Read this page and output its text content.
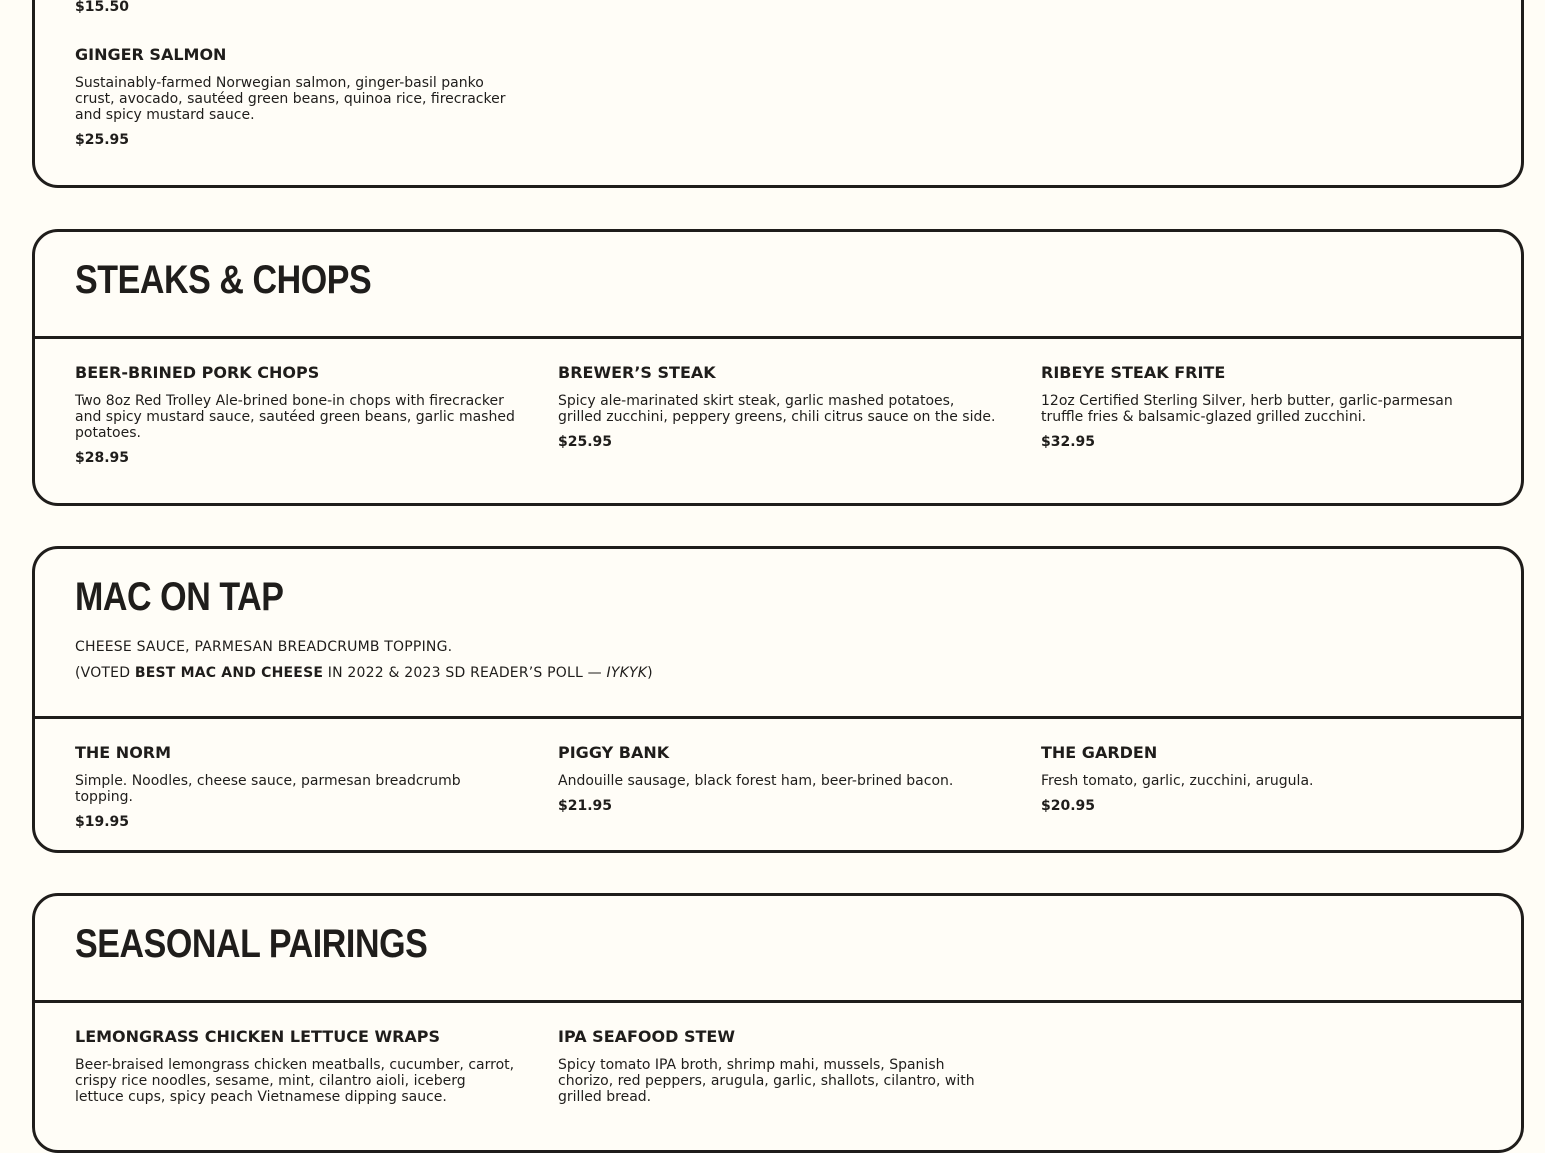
$15.50

GINGER SALMON

Sustainably-farmed Norwegian salmon, ginger-basil panko crust, avocado, sautéed green beans, quinoa rice, firecracker and spicy mustard sauce.

$25.95

STEAKS & CHOPS

BEER-BRINED PORK CHOPS

Two 8oz Red Trolley Ale-brined bone-in chops with firecracker and spicy mustard sauce, sautéed green beans, garlic mashed potatoes.

$28.95

BREWER’S STEAK

Spicy ale-marinated skirt steak, garlic mashed potatoes, grilled zucchini, peppery greens, chili citrus sauce on the side.

$25.95

RIBEYE STEAK FRITE

12oz Certified Sterling Silver, herb butter, garlic-parmesan truffle fries & balsamic-glazed grilled zucchini.

$32.95

MAC ON TAP
CHEESE SAUCE, PARMESAN BREADCRUMB TOPPING.
(VOTED BEST MAC AND CHEESE IN 2022 & 2023 SD READER’S POLL — IYKYK)

THE NORM

Simple. Noodles, cheese sauce, parmesan breadcrumb topping.

$19.95

PIGGY BANK

Andouille sausage, black forest ham, beer-brined bacon.

$21.95

THE GARDEN

Fresh tomato, garlic, zucchini, arugula.

$20.95

SEASONAL PAIRINGS

LEMONGRASS CHICKEN LETTUCE WRAPS

Beer-braised lemongrass chicken meatballs, cucumber, carrot, crispy rice noodles, sesame, mint, cilantro aioli, iceberg lettuce cups, spicy peach Vietnamese dipping sauce.

IPA SEAFOOD STEW

Spicy tomato IPA broth, shrimp mahi, mussels, Spanish chorizo, red peppers, arugula, garlic, shallots, cilantro, with grilled bread.
